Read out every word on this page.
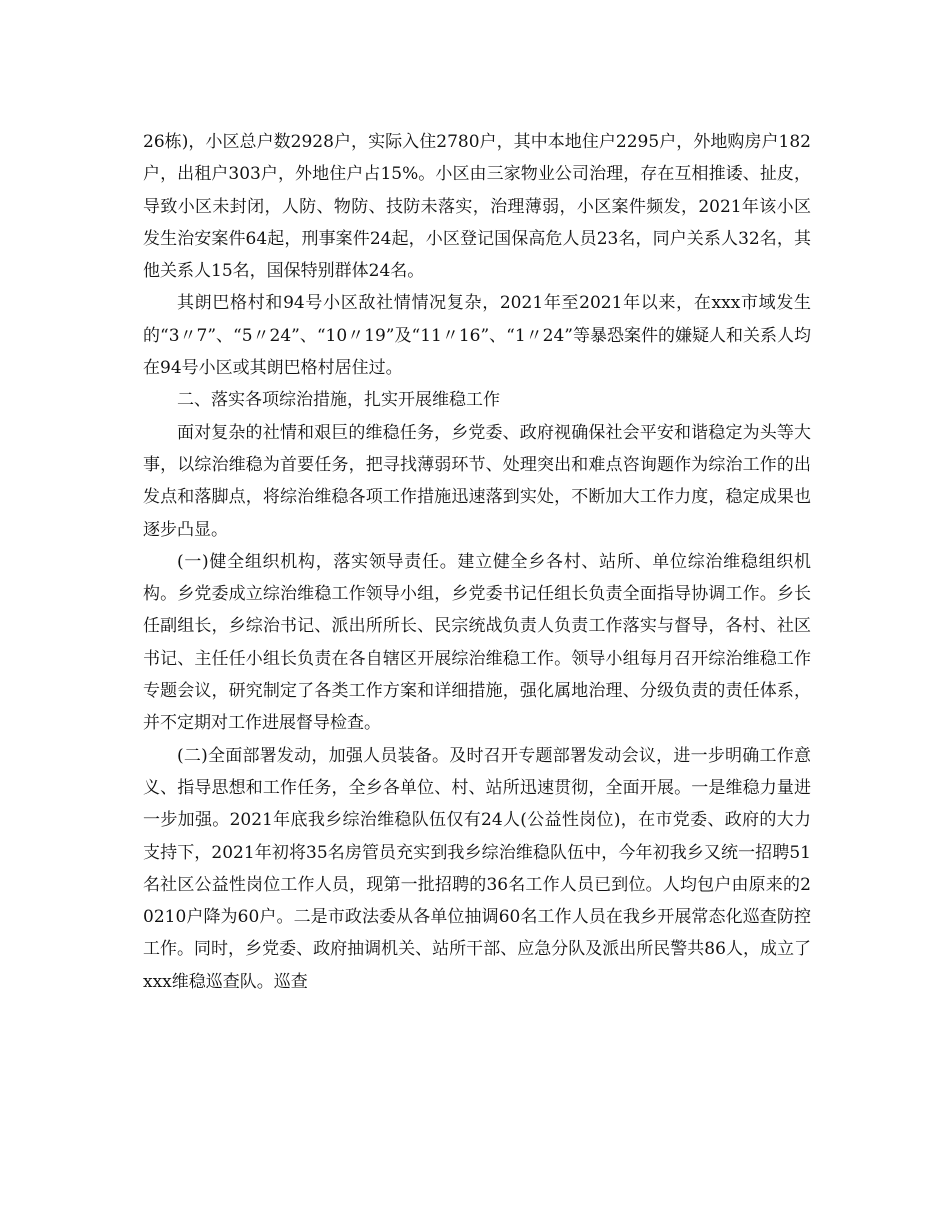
26栋)，小区总户数2928户，实际入住2780户，其中本地住户2295户，外地购房户182户，出租户303户，外地住户占15%。小区由三家物业公司治理，存在互相推诿、扯皮，导致小区未封闭，人防、物防、技防未落实，治理薄弱，小区案件频发，2021年该小区发生治安案件64起，刑事案件24起，小区登记国保高危人员23名，同户关系人32名，其他关系人15名，国保特别群体24名。

其朗巴格村和94号小区敌社情情况复杂，2021年至2021年以来，在xxx市域发生的“3〃7”、“5〃24”、“10〃19”及“11〃16”、“1〃24”等暴恐案件的嫌疑人和关系人均在94号小区或其朗巴格村居住过。

二、落实各项综治措施，扎实开展维稳工作

面对复杂的社情和艰巨的维稳任务，乡党委、政府视确保社会平安和谐稳定为头等大事，以综治维稳为首要任务，把寻找薄弱环节、处理突出和难点咨询题作为综治工作的出发点和落脚点，将综治维稳各项工作措施迅速落到实处，不断加大工作力度，稳定成果也逐步凸显。

(一)健全组织机构，落实领导责任。建立健全乡各村、站所、单位综治维稳组织机构。乡党委成立综治维稳工作领导小组，乡党委书记任组长负责全面指导协调工作。乡长任副组长，乡综治书记、派出所所长、民宗统战负责人负责工作落实与督导，各村、社区书记、主任任小组长负责在各自辖区开展综治维稳工作。领导小组每月召开综治维稳工作专题会议，研究制定了各类工作方案和详细措施，强化属地治理、分级负责的责任体系，并不定期对工作进展督导检查。

(二)全面部署发动，加强人员装备。及时召开专题部署发动会议，进一步明确工作意义、指导思想和工作任务，全乡各单位、村、站所迅速贯彻，全面开展。一是维稳力量进一步加强。2021年底我乡综治维稳队伍仅有24人(公益性岗位)，在市党委、政府的大力支持下，2021年初将35名房管员充实到我乡综治维稳队伍中，今年初我乡又统一招聘51名社区公益性岗位工作人员，现第一批招聘的36名工作人员已到位。人均包户由原来的20210户降为60户。二是市政法委从各单位抽调60名工作人员在我乡开展常态化巡查防控工作。同时，乡党委、政府抽调机关、站所干部、应急分队及派出所民警共86人，成立了xxx维稳巡查队。巡查
